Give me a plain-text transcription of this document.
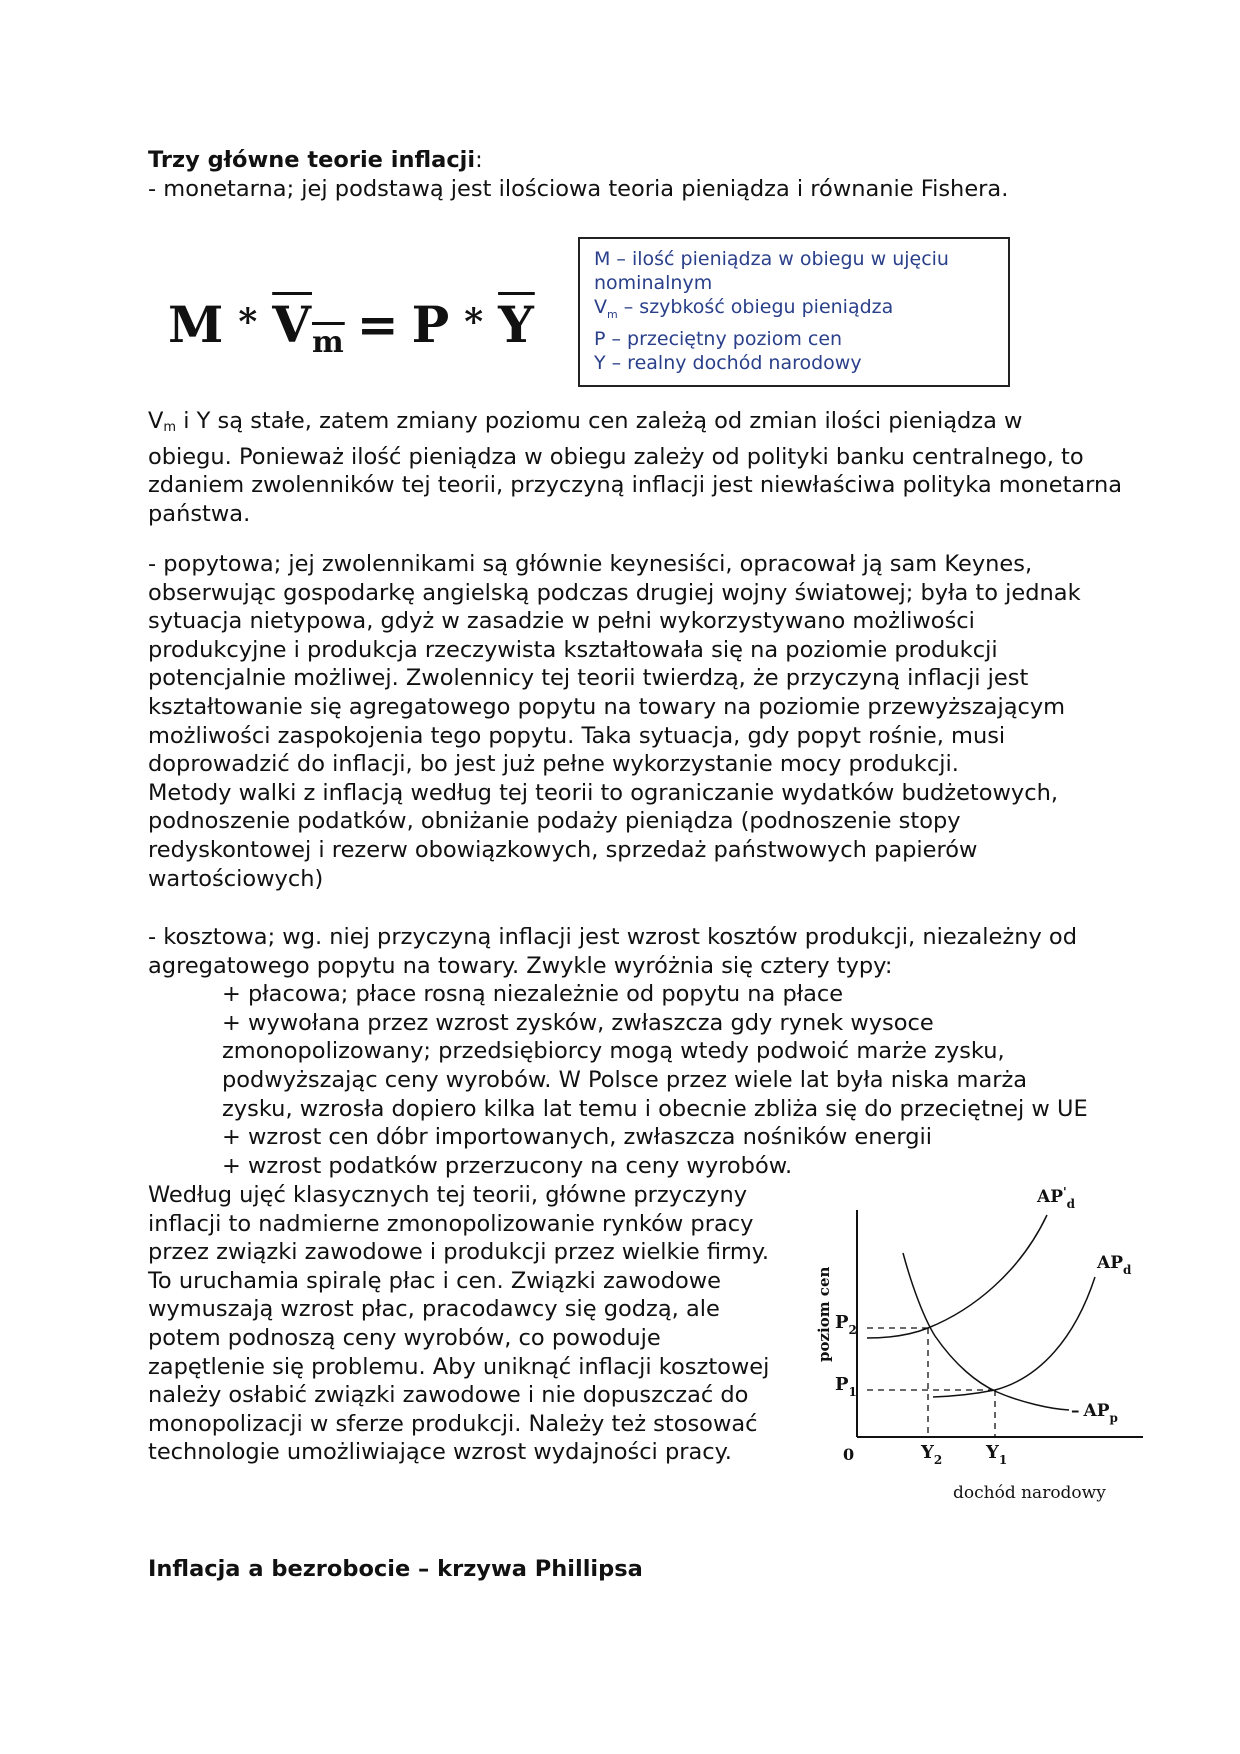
Trzy główne teorie inflacji:
- monetarna; jej podstawą jest ilościowa teoria pieniądza i równanie Fishera.
$M * V_m = P * \overline{Y}$
M – ilość pieniądza w obiegu w ujęciu
nominalnym
$V_m$ – szybkość obiegu pieniądza
P – przeciętny poziom cen
Y – realny dochód narodowy
$V_m$ i Y są stałe, zatem zmiany poziomu cen zależą od zmian ilości pieniądza w
obiegu. Ponieważ ilość pieniądza w obiegu zależy od polityki banku centralnego, to
zdaniem zwolenników tej teorii, przyczyną inflacji jest niewłaściwa polityka monetarna
państwa.
- popytowa; jej zwolennikami są głównie keynesiści, opracował ją sam Keynes,
obserwując gospodarkę angielską podczas drugiej wojny światowej; była to jednak
sytuacja nietypowa, gdyż w zasadzie w pełni wykorzystywano możliwości
produkcyjne i produkcja rzeczywista kształtowała się na poziomie produkcji
potencjalnie możliwej. Zwolennicy tej teorii twierdzą, że przyczyną inflacji jest
kształtowanie się agregatowego popytu na towary na poziomie przewyższającym
możliwości zaspokojenia tego popytu. Taka sytuacja, gdy popyt rośnie, musi
doprowadzić do inflacji, bo jest już pełne wykorzystanie mocy produkcji.
Metody walki z inflacją według tej teorii to ograniczanie wydatków budżetowych,
podnoszenie podatków, obniżanie podaży pieniądza (podnoszenie stopy
redyskontowej i rezerw obowiązkowych, sprzedaż państwowych papierów
wartościowych)
- kosztowa; wg. niej przyczyną inflacji jest wzrost kosztów produkcji, niezależny od
agregatowego popytu na towary. Zwykle wyróżnia się cztery typy:
+ płacowa; płace rosną niezależnie od popytu na płace
+ wywołana przez wzrost zysków, zwłaszcza gdy rynek wysoce
zmonopolizowany; przedsiębiorcy mogą wtedy podwoić marże zysku,
podwyższając ceny wyrobów. W Polsce przez wiele lat była niska marża
zysku, wzrosła dopiero kilka lat temu i obecnie zbliża się do przeciętnej w UE
+ wzrost cen dóbr importowanych, zwłaszcza nośników energii
+ wzrost podatków przerzucony na ceny wyrobów.
Według ujęć klasycznych tej teorii, główne przyczyny
inflacji to nadmierne zmonopolizowanie rynków pracy
przez związki zawodowe i produkcji przez wielkie firmy.
To uruchamia spiralę płac i cen. Związki zawodowe
wymuszają wzrost płac, pracodawcy się godzą, ale
potem podnoszą ceny wyrobów, co powoduje
zapętlenie się problemu. Aby uniknąć inflacji kosztowej
należy osłabić związki zawodowe i nie dopuszczać do
monopolizacji w sferze produkcji. Należy też stosować
technologie umożliwiające wzrost wydajności pracy.
poziom cen
dochód narodowy
0
$P_2$
$P_1$
$Y_2$ $Y_1$
$AP'_d$
$AP_d$
– $AP_p$
Inflacja a bezrobocie – krzywa Phillipsa
